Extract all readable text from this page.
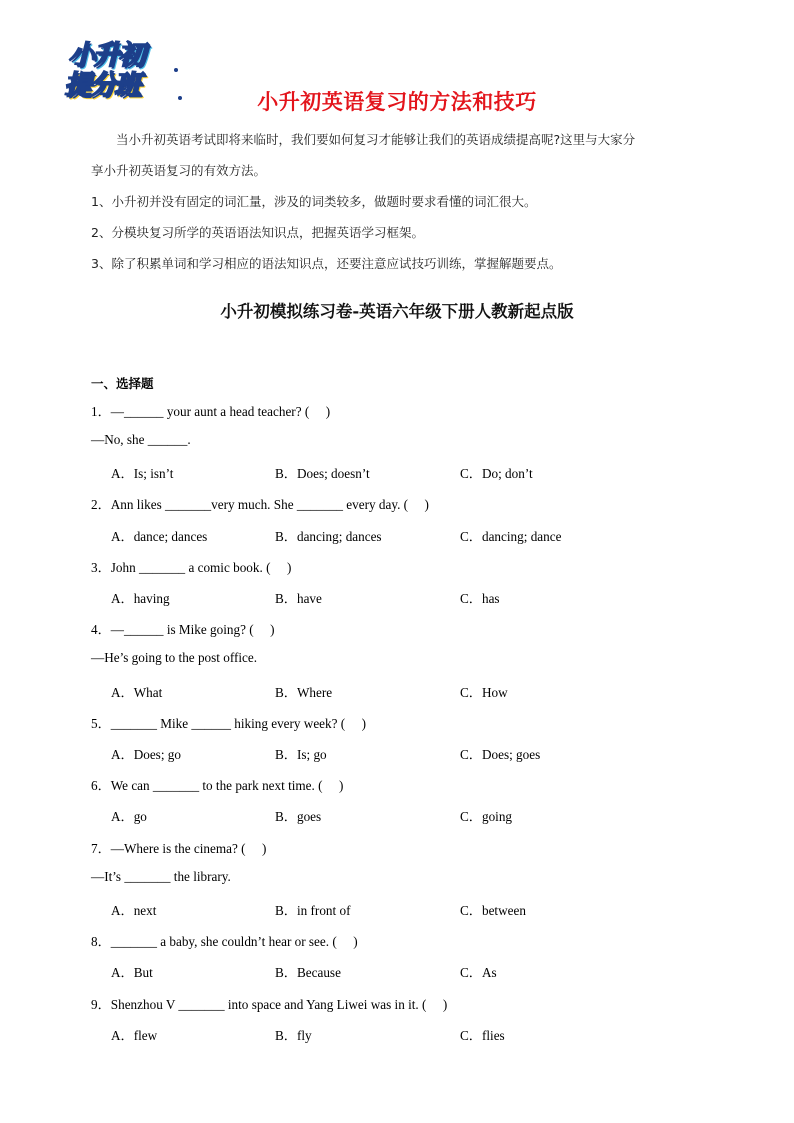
小升初
提分班
小升初英语复习的方法和技巧

当小升初英语考试即将来临时，我们要如何复习才能够让我们的英语成绩提高呢?这里与大家分

享小升初英语复习的有效方法。

1、小升初并没有固定的词汇量，涉及的词类较多，做题时要求看懂的词汇很大。

2、分模块复习所学的英语语法知识点，把握英语学习框架。

3、除了积累单词和学习相应的语法知识点，还要注意应试技巧训练，掌握解题要点。

小升初模拟练习卷-英语六年级下册人教新起点版
一、选择题
1．—______ your aunt a head teacher? (     )
—No, she ______.
A．Is; isn’t	B．Does; doesn’t	C．Do; don’t
2．Ann likes _______very much. She _______ every day. (     )
A．dance; dances	B．dancing; dances	C．dancing; dance
3．John _______ a comic book. (     )
A．having	B．have	C．has
4．—______ is Mike going? (     )
—He’s going to the post office.
A．What	B．Where	C．How
5．_______ Mike ______ hiking every week? (     )
A．Does; go	B．Is; go	C．Does; goes
6．We can _______ to the park next time. (     )
A．go	B．goes	C．going
7．—Where is the cinema? (     )
—It’s _______ the library.
A．next	B．in front of	C．between
8．_______ a baby, she couldn’t hear or see. (     )
A．But	B．Because	C．As
9．Shenzhou V _______ into space and Yang Liwei was in it. (     )
A．flew	B．fly	C．flies
